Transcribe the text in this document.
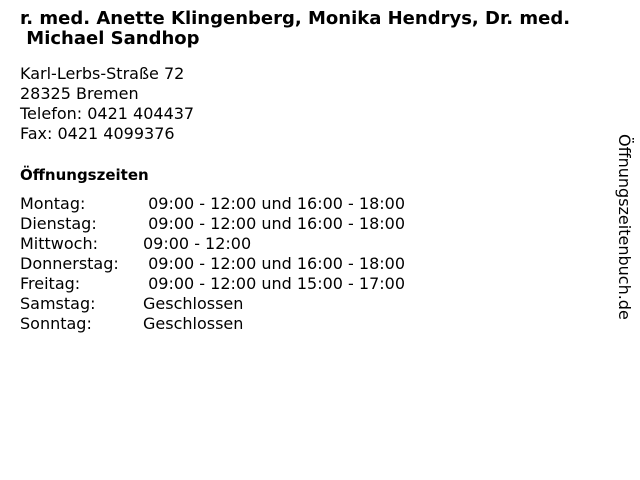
r. med. Anette Klingenberg, Monika Hendrys, Dr. med.
Michael Sandhop
Karl-Lerbs-Straße 72
28325 Bremen
Telefon: 0421 404437
Fax: 0421 4099376
Öffnungszeiten
Montag:	09:00 - 12:00 und 16:00 - 18:00
Dienstag:	09:00 - 12:00 und 16:00 - 18:00
Mittwoch:	09:00 - 12:00
Donnerstag:	09:00 - 12:00 und 16:00 - 18:00
Freitag:	09:00 - 12:00 und 15:00 - 17:00
Samstag:	Geschlossen
Sonntag:	Geschlossen
Öffnungszeitenbuch.de
